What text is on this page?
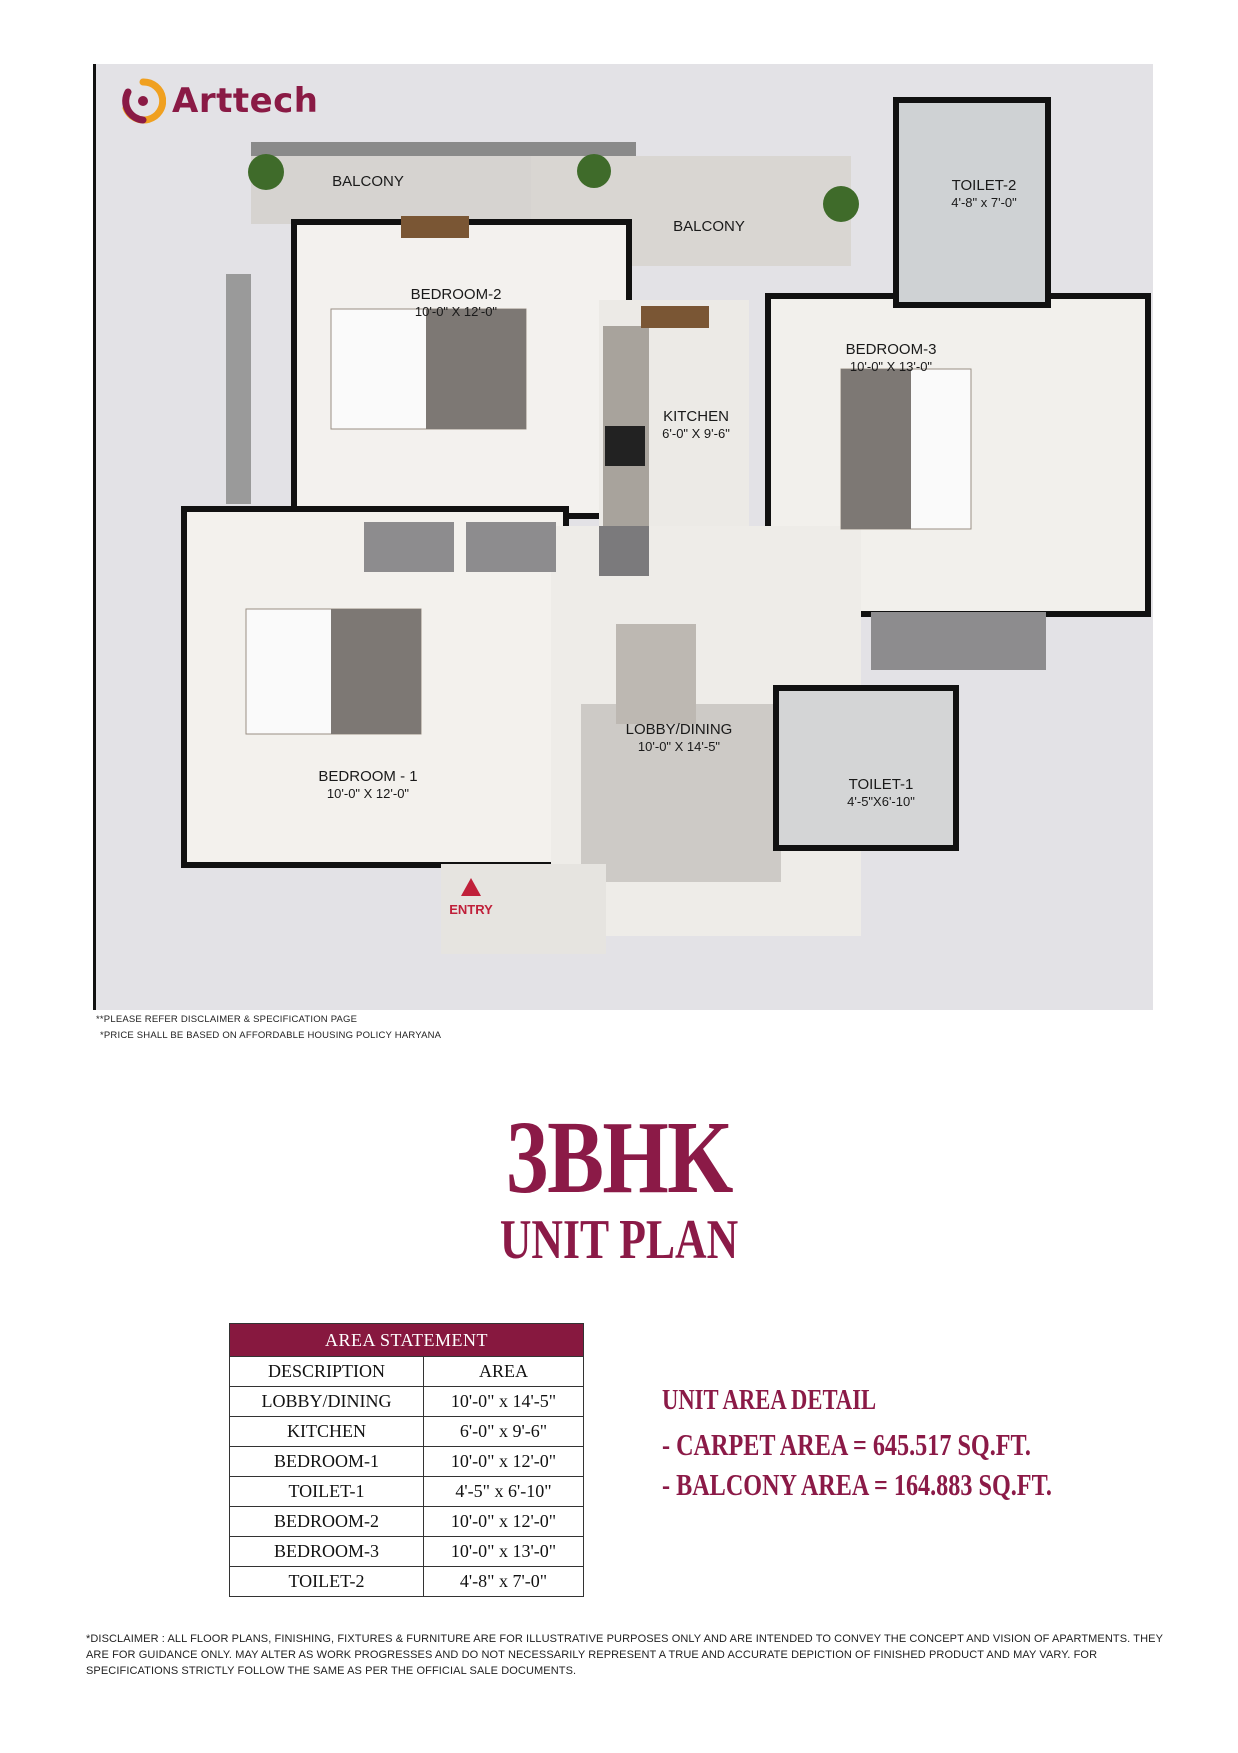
BALCONY
BALCONY
TOILET-2
4'-8" x 7'-0"
BEDROOM-2
10'-0" X 12'-0"
BEDROOM-3
10'-0" X 13'-0"
KITCHEN
6'-0" X 9'-6"
LOBBY/DINING
10'-0" X 14'-5"
TOILET-1
4'-5"X6'-10"
BEDROOM - 1
10'-0" X 12'-0"
ENTRY
Arttech
**PLEASE REFER DISCLAIMER & SPECIFICATION PAGE
*PRICE SHALL BE BASED ON AFFORDABLE HOUSING POLICY HARYANA
3BHK
UNIT PLAN
AREA STATEMENT	
DESCRIPTION	AREA
LOBBY/DINING	10'-0" x 14'-5"
KITCHEN	6'-0" x 9'-6"
BEDROOM-1	10'-0" x 12'-0"
TOILET-1	4'-5" x 6'-10"
BEDROOM-2	10'-0" x 12'-0"
BEDROOM-3	10'-0" x 13'-0"
TOILET-2	4'-8" x 7'-0"
UNIT AREA DETAIL
- CARPET AREA = 645.517 SQ.FT.
- BALCONY AREA = 164.883 SQ.FT.
*DISCLAIMER : ALL FLOOR PLANS, FINISHING, FIXTURES & FURNITURE ARE FOR ILLUSTRATIVE PURPOSES ONLY AND ARE INTENDED TO CONVEY THE CONCEPT AND VISION OF APARTMENTS. THEY ARE FOR GUIDANCE ONLY. MAY ALTER AS WORK PROGRESSES AND DO NOT NECESSARILY REPRESENT A TRUE AND ACCURATE DEPICTION OF FINISHED PRODUCT AND MAY VARY. FOR SPECIFICATIONS STRICTLY FOLLOW THE SAME AS PER THE OFFICIAL SALE DOCUMENTS.
